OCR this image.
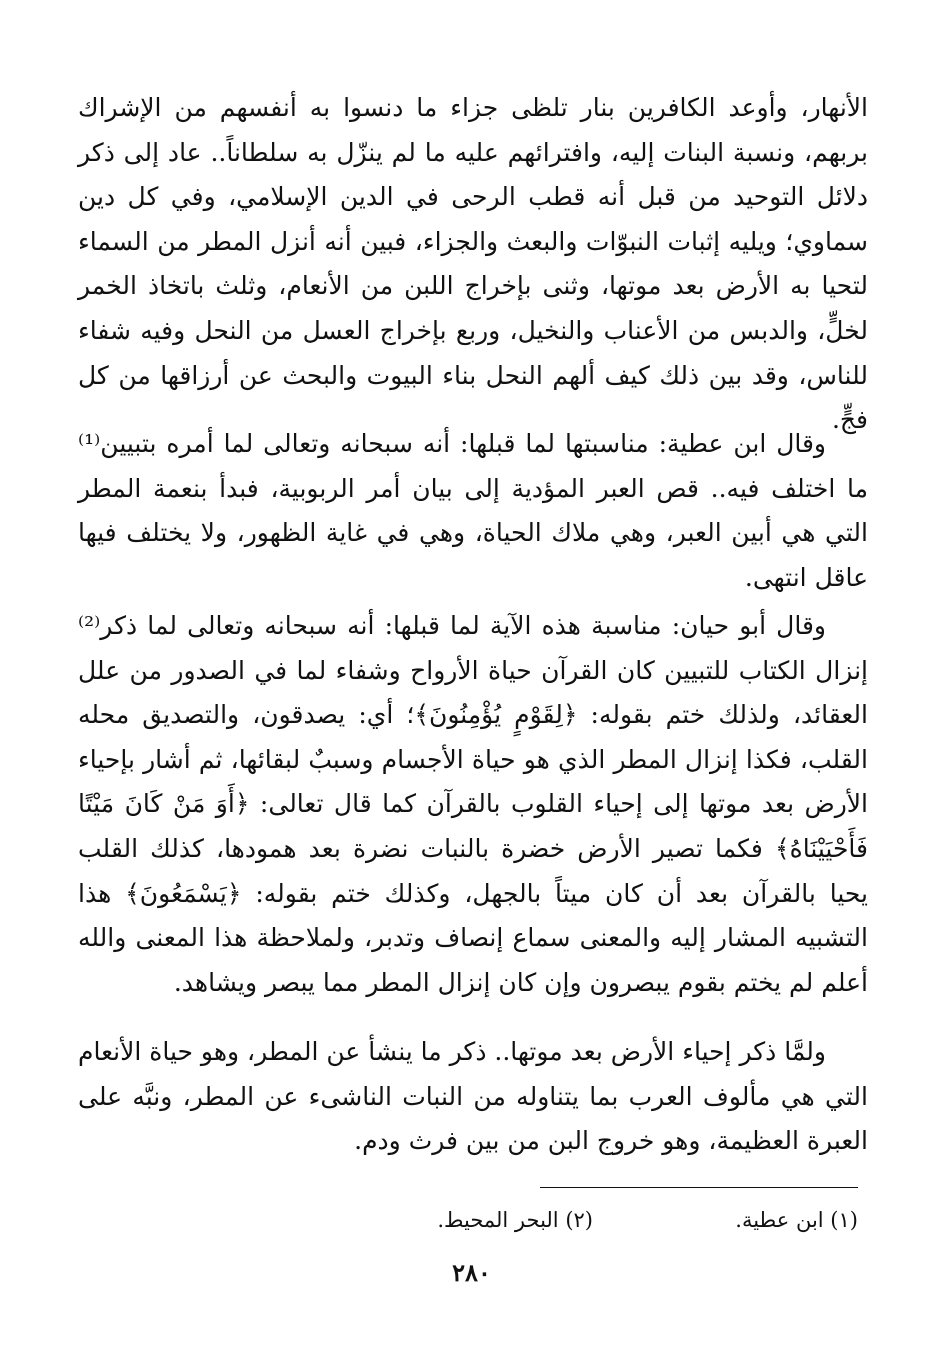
الأنهار، وأوعد الكافرين بنار تلظى جزاء ما دنسوا به أنفسهم من الإشراك بربهم، ونسبة البنات إليه، وافترائهم عليه ما لم ينزّل به سلطاناً.. عاد إلى ذكر دلائل التوحيد من قبل أنه قطب الرحى في الدين الإسلامي، وفي كل دين سماوي؛ ويليه إثبات النبوّات والبعث والجزاء، فبين أنه أنزل المطر من السماء لتحيا به الأرض بعد موتها، وثنى بإخراج اللبن من الأنعام، وثلث باتخاذ الخمر لخلٍّ، والدبس من الأعناب والنخيل، وربع بإخراج العسل من النحل وفيه شفاء للناس، وقد بين ذلك كيف ألهم النحل بناء البيوت والبحث عن أرزاقها من كل فجٍّ.

وقال ابن عطية: مناسبتها لما قبلها: أنه سبحانه وتعالى لما أمره بتبيين⁽¹⁾ ما اختلف فيه.. قص العبر المؤدية إلى بيان أمر الربوبية، فبدأ بنعمة المطر التي هي أبين العبر، وهي ملاك الحياة، وهي في غاية الظهور، ولا يختلف فيها عاقل انتهى.

وقال أبو حيان: مناسبة هذه الآية لما قبلها: أنه سبحانه وتعالى لما ذكر⁽²⁾ إنزال الكتاب للتبيين كان القرآن حياة الأرواح وشفاء لما في الصدور من علل العقائد، ولذلك ختم بقوله: ﴿لِقَوْمٍ يُؤْمِنُونَ﴾؛ أي: يصدقون، والتصديق محله القلب، فكذا إنزال المطر الذي هو حياة الأجسام وسببٌ لبقائها، ثم أشار بإحياء الأرض بعد موتها إلى إحياء القلوب بالقرآن كما قال تعالى: ﴿أَوَ مَنْ كَانَ مَيْتًا فَأَحْيَيْنَاهُ﴾ فكما تصير الأرض خضرة بالنبات نضرة بعد همودها، كذلك القلب يحيا بالقرآن بعد أن كان ميتاً بالجهل، وكذلك ختم بقوله: ﴿يَسْمَعُونَ﴾ هذا التشبيه المشار إليه والمعنى سماع إنصاف وتدبر، ولملاحظة هذا المعنى والله أعلم لم يختم بقوم يبصرون وإن كان إنزال المطر مما يبصر ويشاهد.

ولمَّا ذكر إحياء الأرض بعد موتها.. ذكر ما ينشأ عن المطر، وهو حياة الأنعام التي هي مألوف العرب بما يتناوله من النبات الناشىء عن المطر، ونبَّه على العبرة العظيمة، وهو خروج البن من بين فرث ودم.

(١) ابن عطية.
(٢) البحر المحيط.
٢٨٠
